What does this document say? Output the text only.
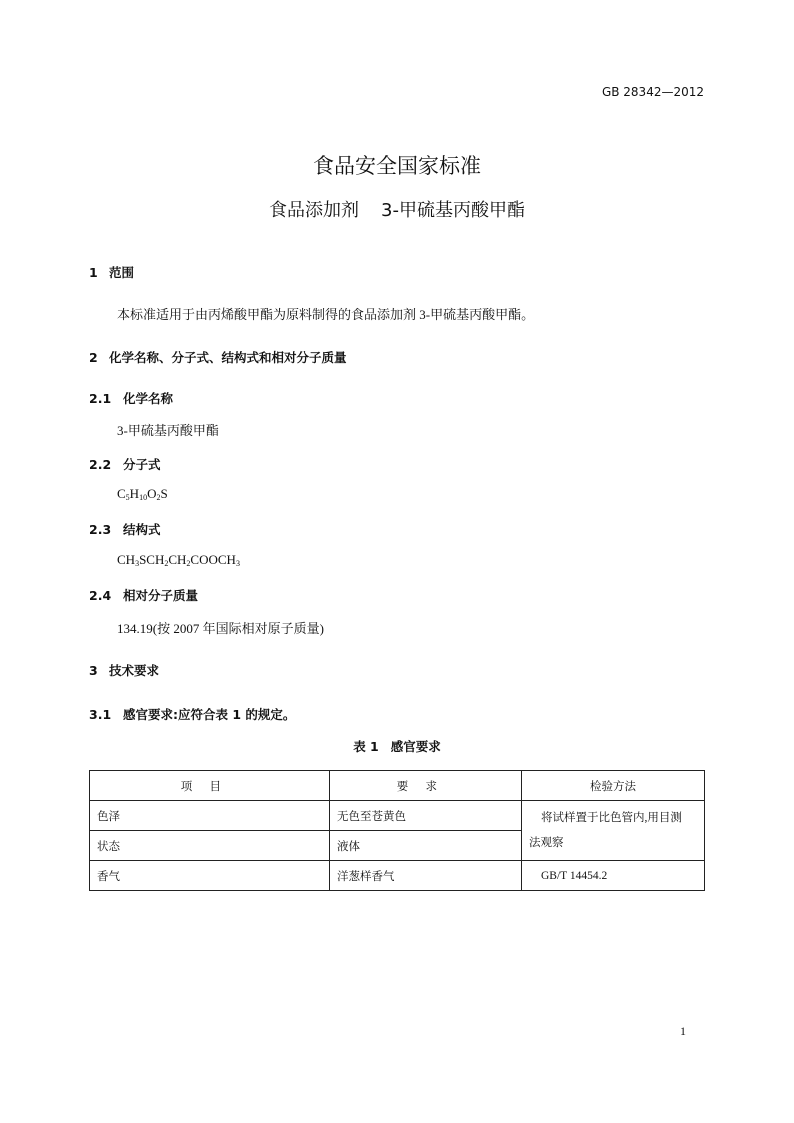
GB 28342—2012
食品安全国家标准
食品添加剂 3-甲硫基丙酸甲酯
1 范围
本标准适用于由丙烯酸甲酯为原料制得的食品添加剂 3-甲硫基丙酸甲酯。
2 化学名称、分子式、结构式和相对分子质量
2.1 化学名称
3-甲硫基丙酸甲酯
2.2 分子式
$C_5H_{10}O_2S$
2.3 结构式
$CH_3SCH_2CH_2COOCH_3$
2.4 相对分子质量
134.19(按 2007 年国际相对原子质量)
3 技术要求
3.1 感官要求:应符合表 1 的规定。
表 1 感官要求
项目	要求	检验方法
色泽	无色至苍黄色	将试样置于比色管内,用目测
法观察
状态	液体	
香气	洋葱样香气	GB/T 14454.2
1
